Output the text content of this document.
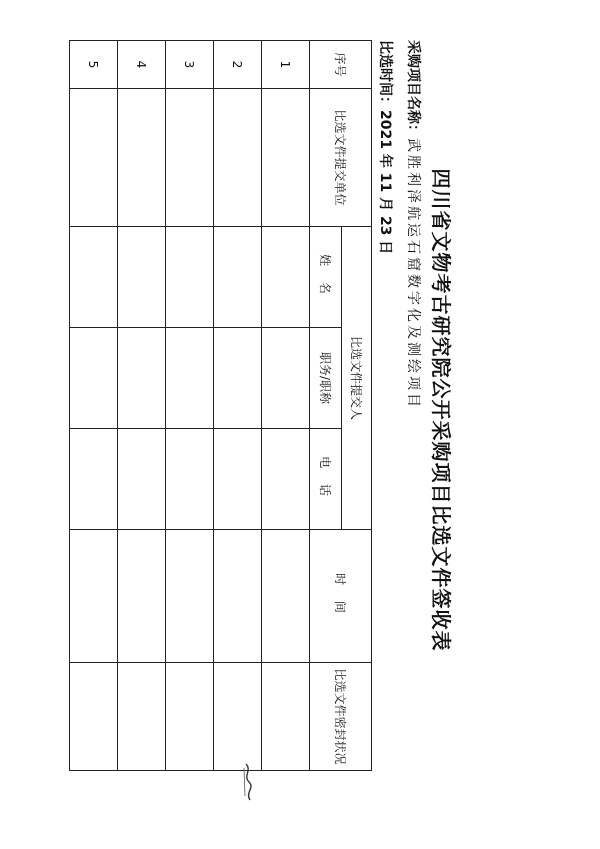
四川省文物考古研究院公开采购项目比选文件签收表
采购项目名称：武胜利泽航运石窟数字化及测绘项目
比选时间：2021 年 11 月 23 日
序号	比选文件提交单位	比选文件提交人			时 间	比选文件密封状况
		姓 名	职务/职称	电 话		
1						
2						
3						
4						
5						
